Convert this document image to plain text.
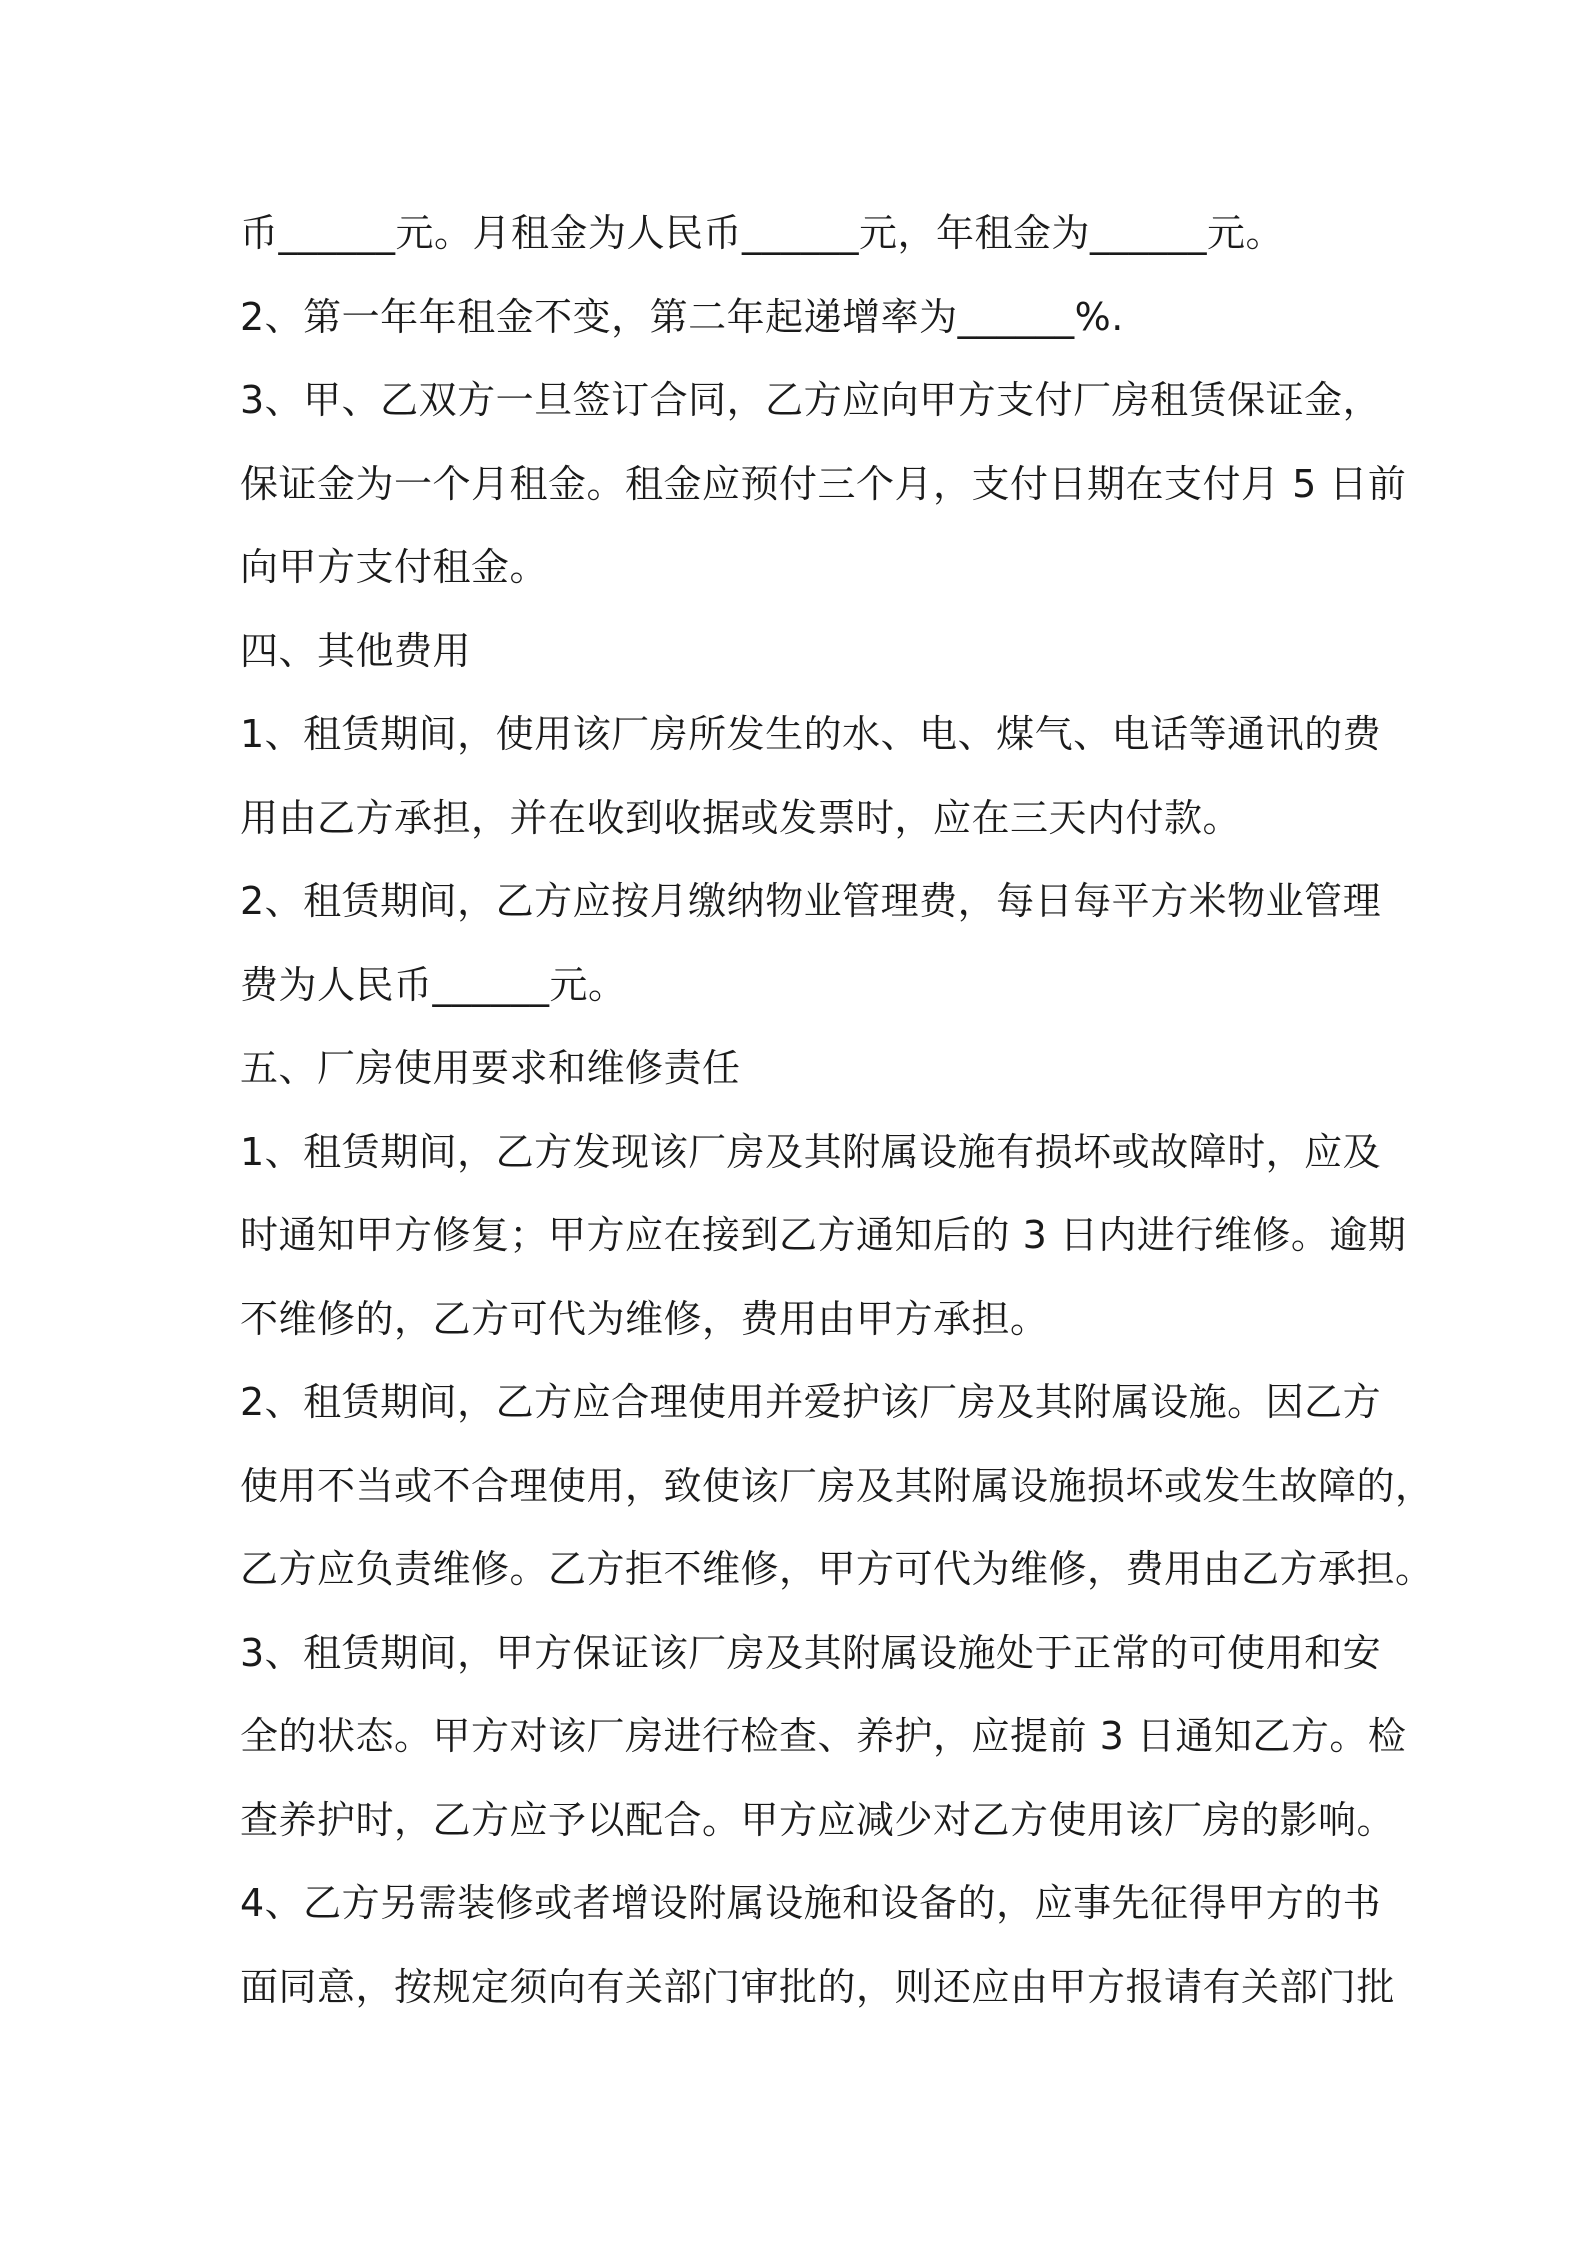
币______元。月租金为人民币______元，年租金为______元。
2、第一年年租金不变，第二年起递增率为______%.
3、甲、乙双方一旦签订合同，乙方应向甲方支付厂房租赁保证金，
保证金为一个月租金。租金应预付三个月，支付日期在支付月 5 日前
向甲方支付租金。
四、其他费用
1、租赁期间，使用该厂房所发生的水、电、煤气、电话等通讯的费
用由乙方承担，并在收到收据或发票时，应在三天内付款。
2、租赁期间，乙方应按月缴纳物业管理费，每日每平方米物业管理
费为人民币______元。
五、厂房使用要求和维修责任
1、租赁期间，乙方发现该厂房及其附属设施有损坏或故障时，应及
时通知甲方修复；甲方应在接到乙方通知后的 3 日内进行维修。逾期
不维修的，乙方可代为维修，费用由甲方承担。
2、租赁期间，乙方应合理使用并爱护该厂房及其附属设施。因乙方
使用不当或不合理使用，致使该厂房及其附属设施损坏或发生故障的，
乙方应负责维修。乙方拒不维修，甲方可代为维修，费用由乙方承担。
3、租赁期间，甲方保证该厂房及其附属设施处于正常的可使用和安
全的状态。甲方对该厂房进行检查、养护，应提前 3 日通知乙方。检
查养护时，乙方应予以配合。甲方应减少对乙方使用该厂房的影响。
4、乙方另需装修或者增设附属设施和设备的，应事先征得甲方的书
面同意，按规定须向有关部门审批的，则还应由甲方报请有关部门批
